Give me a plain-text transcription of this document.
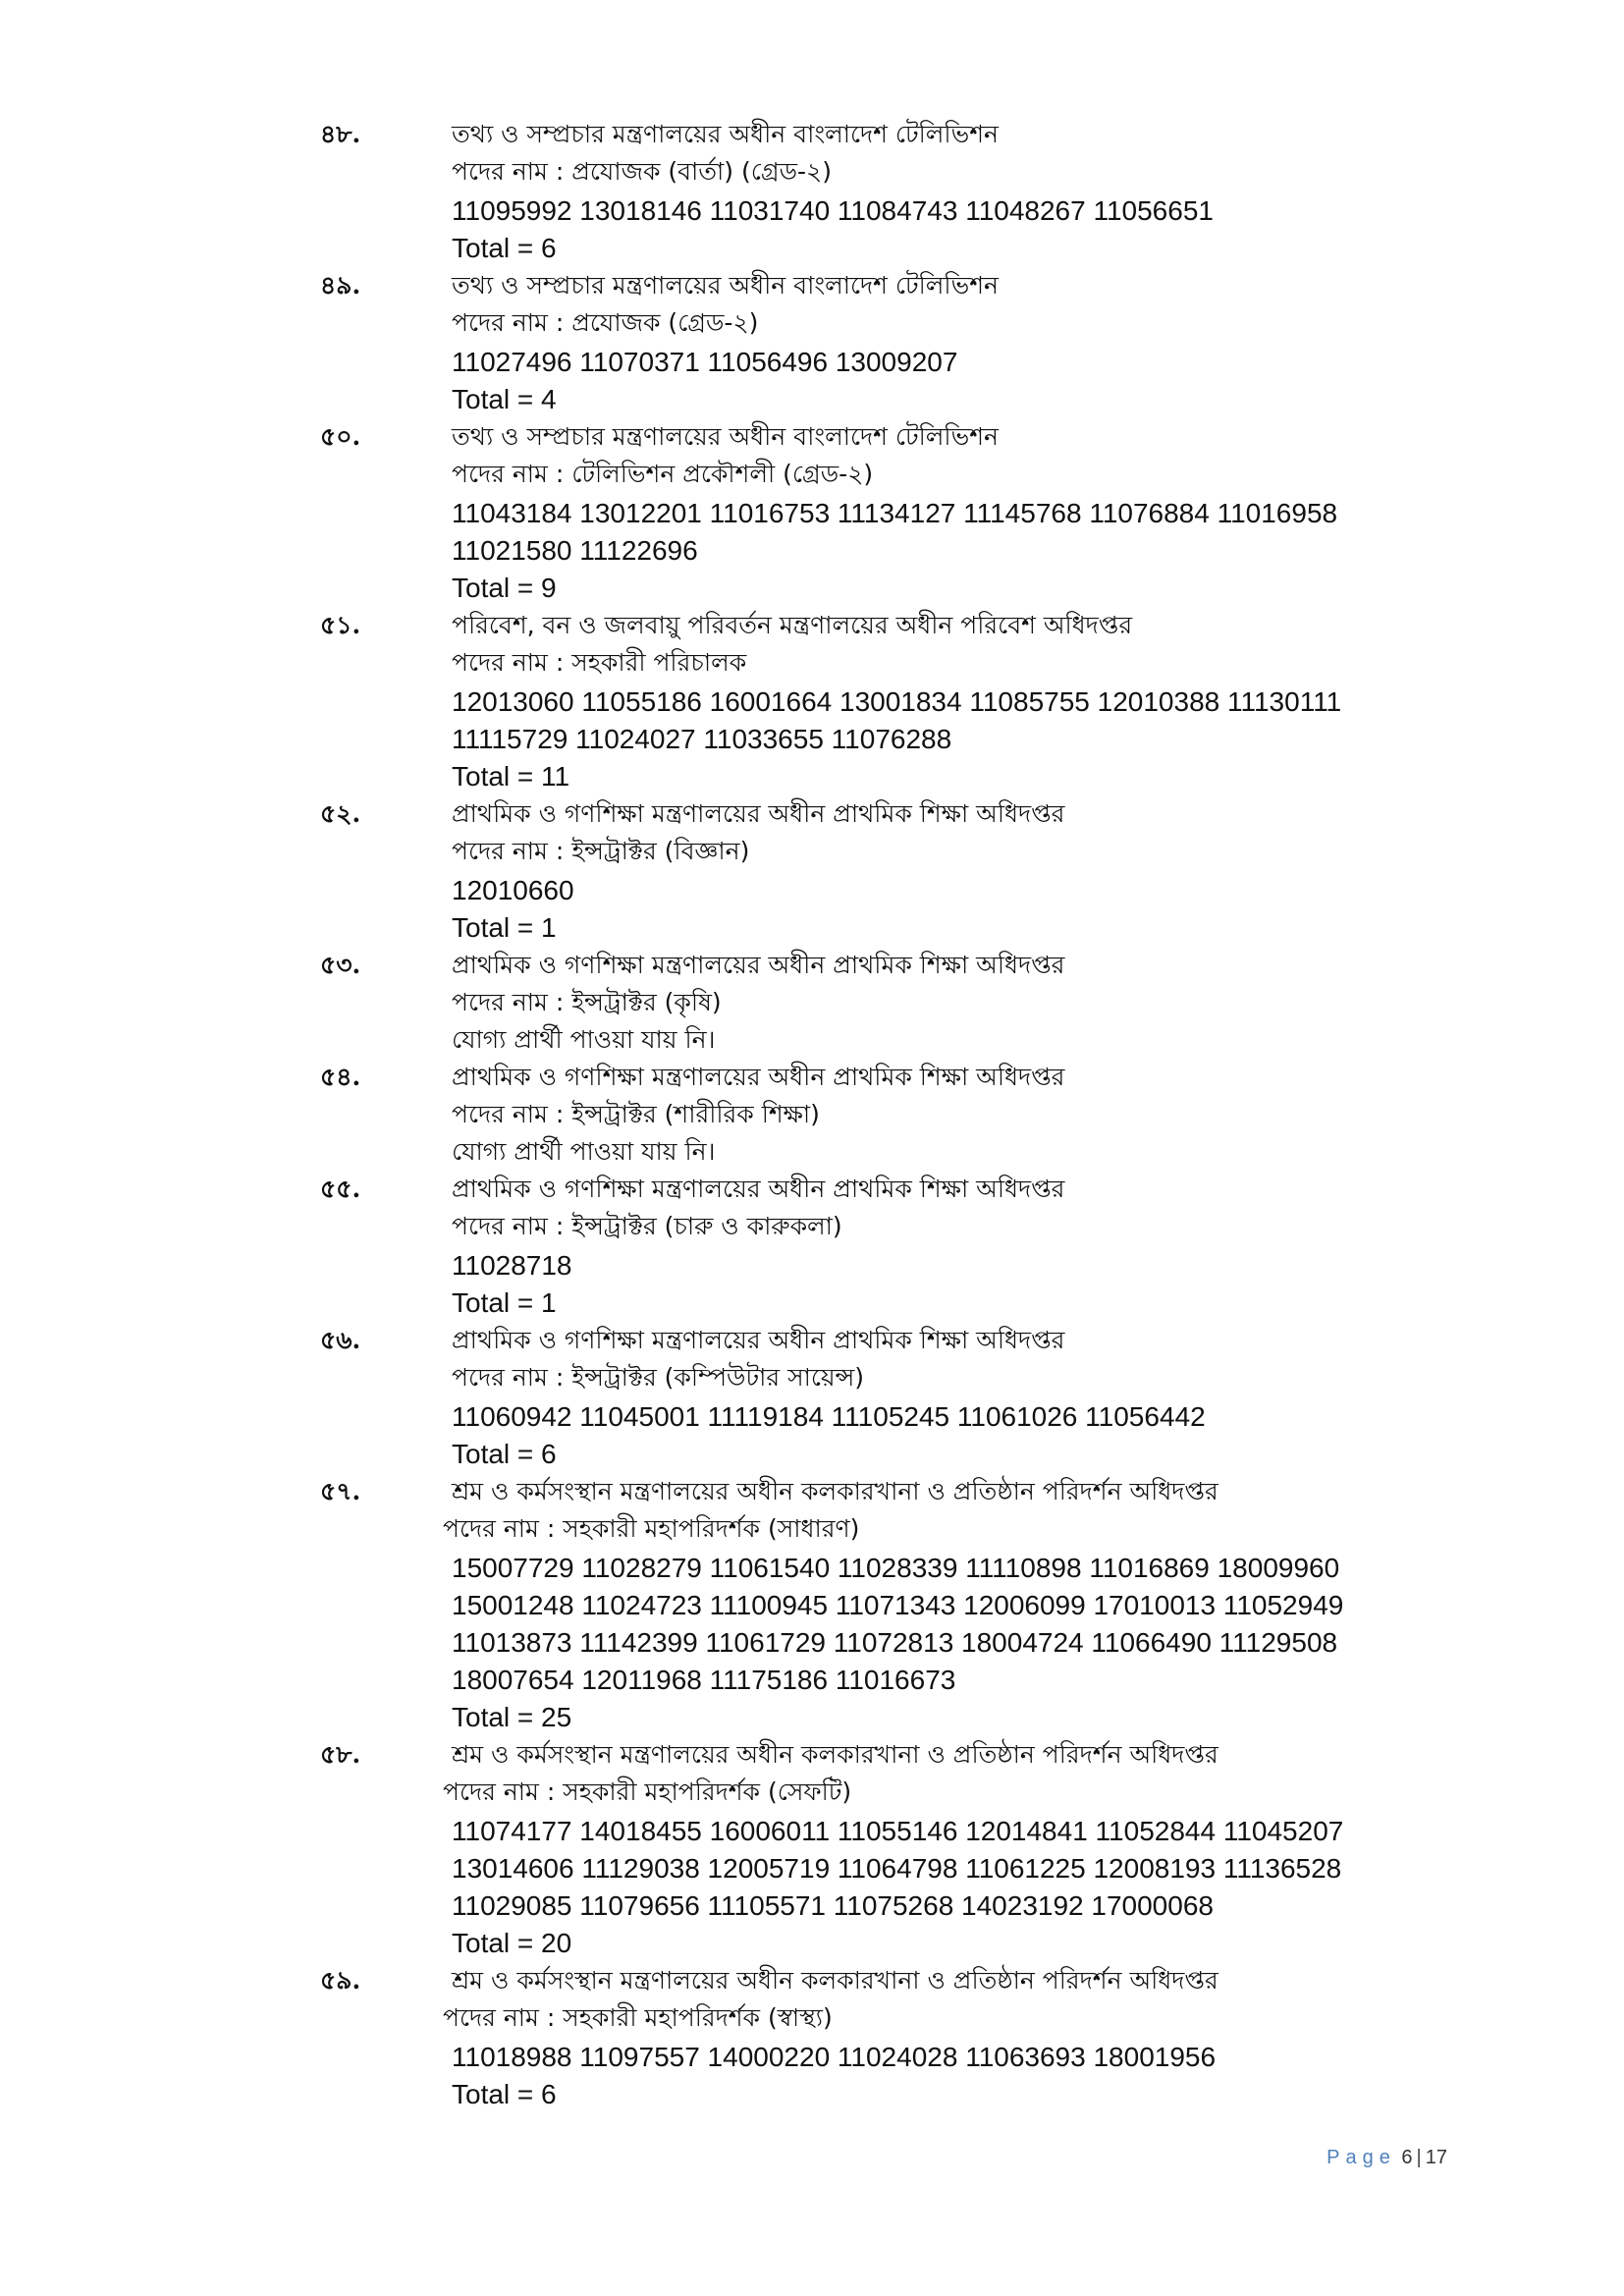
৪৮.	তথ্য ও সম্প্রচার মন্ত্রণালয়ের অধীন বাংলাদেশ টেলিভিশন
পদের নাম : প্রযোজক (বার্তা) (গ্রেড-২)
11095992 13018146 11031740 11084743 11048267 11056651
Total = 6
৪৯.	তথ্য ও সম্প্রচার মন্ত্রণালয়ের অধীন বাংলাদেশ টেলিভিশন
পদের নাম : প্রযোজক (গ্রেড-২)
11027496 11070371 11056496 13009207
Total = 4
৫০.	তথ্য ও সম্প্রচার মন্ত্রণালয়ের অধীন বাংলাদেশ টেলিভিশন
পদের নাম : টেলিভিশন প্রকৌশলী (গ্রেড-২)
11043184 13012201 11016753 11134127 11145768 11076884 11016958
11021580 11122696
Total = 9
৫১.	পরিবেশ, বন ও জলবায়ু পরিবর্তন মন্ত্রণালয়ের অধীন পরিবেশ অধিদপ্তর
পদের নাম : সহকারী পরিচালক
12013060 11055186 16001664 13001834 11085755 12010388 11130111
11115729 11024027 11033655 11076288
Total = 11
৫২.	প্রাথমিক ও গণশিক্ষা মন্ত্রণালয়ের অধীন প্রাথমিক শিক্ষা অধিদপ্তর
পদের নাম : ইন্সট্রাক্টর (বিজ্ঞান)
12010660
Total = 1
৫৩.	প্রাথমিক ও গণশিক্ষা মন্ত্রণালয়ের অধীন প্রাথমিক শিক্ষা অধিদপ্তর
পদের নাম : ইন্সট্রাক্টর (কৃষি)
যোগ্য প্রার্থী পাওয়া যায় নি।
৫৪.	প্রাথমিক ও গণশিক্ষা মন্ত্রণালয়ের অধীন প্রাথমিক শিক্ষা অধিদপ্তর
পদের নাম : ইন্সট্রাক্টর (শারীরিক শিক্ষা)
যোগ্য প্রার্থী পাওয়া যায় নি।
৫৫.	প্রাথমিক ও গণশিক্ষা মন্ত্রণালয়ের অধীন প্রাথমিক শিক্ষা অধিদপ্তর
পদের নাম : ইন্সট্রাক্টর (চারু ও কারুকলা)
11028718
Total = 1
৫৬.	প্রাথমিক ও গণশিক্ষা মন্ত্রণালয়ের অধীন প্রাথমিক শিক্ষা অধিদপ্তর
পদের নাম : ইন্সট্রাক্টর (কম্পিউটার সায়েন্স)
11060942 11045001 11119184 11105245 11061026 11056442
Total = 6
৫৭.	শ্রম ও কর্মসংস্থান মন্ত্রণালয়ের অধীন কলকারখানা ও প্রতিষ্ঠান পরিদর্শন অধিদপ্তর
পদের নাম : সহকারী মহাপরিদর্শক (সাধারণ)
15007729 11028279 11061540 11028339 11110898 11016869 18009960
15001248 11024723 11100945 11071343 12006099 17010013 11052949
11013873 11142399 11061729 11072813 18004724 11066490 11129508
18007654 12011968 11175186 11016673
Total = 25
৫৮.	শ্রম ও কর্মসংস্থান মন্ত্রণালয়ের অধীন কলকারখানা ও প্রতিষ্ঠান পরিদর্শন অধিদপ্তর
পদের নাম : সহকারী মহাপরিদর্শক (সেফটি)
11074177 14018455 16006011 11055146 12014841 11052844 11045207
13014606 11129038 12005719 11064798 11061225 12008193 11136528
11029085 11079656 11105571 11075268 14023192 17000068
Total = 20
৫৯.	শ্রম ও কর্মসংস্থান মন্ত্রণালয়ের অধীন কলকারখানা ও প্রতিষ্ঠান পরিদর্শন অধিদপ্তর
পদের নাম : সহকারী মহাপরিদর্শক (স্বাস্থ্য)
11018988 11097557 14000220 11024028 11063693 18001956
Total = 6
Page 6 | 17
